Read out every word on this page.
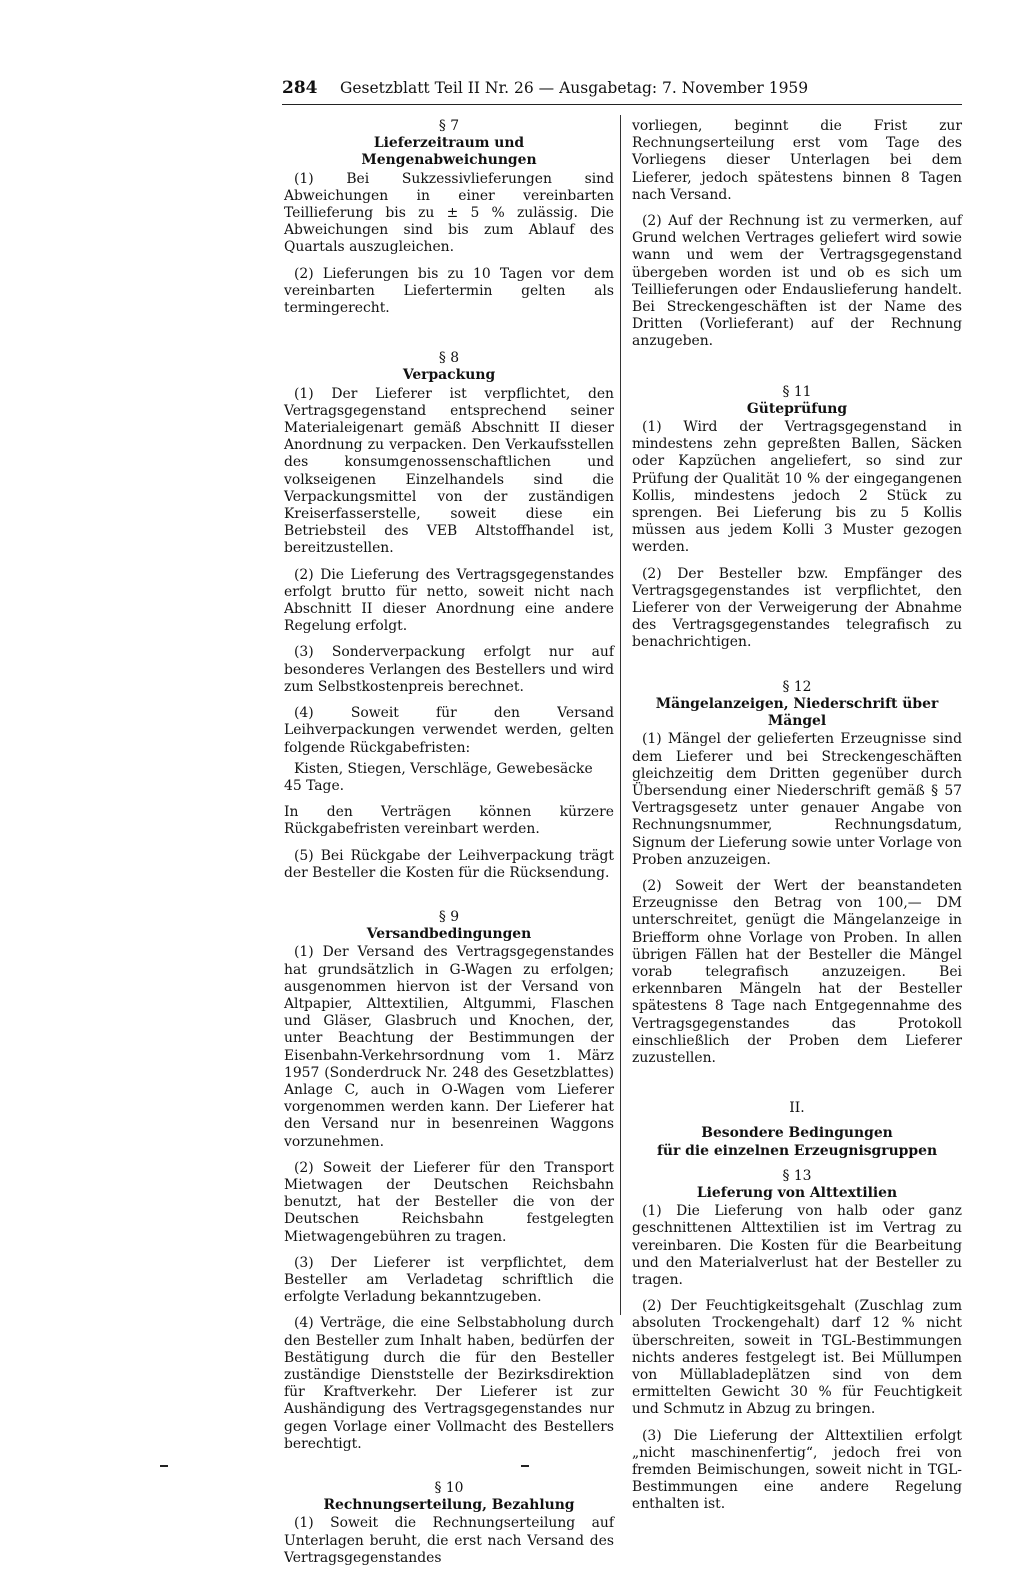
Gesetzblatt Teil II Nr. 26 — Ausgabetag: 7. November 1959
284
§ 7
Lieferzeitraum und Mengenabweichungen

(1) Bei Sukzessivlieferungen sind Abweichungen in einer vereinbarten Teillieferung bis zu ± 5 % zulässig. Die Abweichungen sind bis zum Ablauf des Quartals auszugleichen.

(2) Lieferungen bis zu 10 Tagen vor dem vereinbarten Liefertermin gelten als termingerecht.

§ 8
Verpackung

(1) Der Lieferer ist verpflichtet, den Vertragsgegenstand entsprechend seiner Materialeigenart gemäß Abschnitt II dieser Anordnung zu verpacken. Den Verkaufsstellen des konsumgenossenschaftlichen und volkseigenen Einzelhandels sind die Verpackungsmittel von der zuständigen Kreiserfasserstelle, soweit diese ein Betriebsteil des VEB Altstoffhandel ist, bereitzustellen.

(2) Die Lieferung des Vertragsgegenstandes erfolgt brutto für netto, soweit nicht nach Abschnitt II dieser Anordnung eine andere Regelung erfolgt.

(3) Sonderverpackung erfolgt nur auf besonderes Verlangen des Bestellers und wird zum Selbstkostenpreis berechnet.

(4) Soweit für den Versand Leihverpackungen verwendet werden, gelten folgende Rückgabefristen:

Kisten, Stiegen, Verschläge, Gewebesäcke 45 Tage.

In den Verträgen können kürzere Rückgabefristen vereinbart werden.

(5) Bei Rückgabe der Leihverpackung trägt der Besteller die Kosten für die Rücksendung.

§ 9
Versandbedingungen

(1) Der Versand des Vertragsgegenstandes hat grundsätzlich in G-Wagen zu erfolgen; ausgenommen hiervon ist der Versand von Altpapier, Alttextilien, Altgummi, Flaschen und Gläser, Glasbruch und Knochen, der, unter Beachtung der Bestimmungen der Eisenbahn-Verkehrsordnung vom 1. März 1957 (Sonderdruck Nr. 248 des Gesetzblattes) Anlage C, auch in O-Wagen vom Lieferer vorgenommen werden kann. Der Lieferer hat den Versand nur in besenreinen Waggons vorzunehmen.

(2) Soweit der Lieferer für den Transport Mietwagen der Deutschen Reichsbahn benutzt, hat der Besteller die von der Deutschen Reichsbahn festgelegten Mietwagengebühren zu tragen.

(3) Der Lieferer ist verpflichtet, dem Besteller am Verladetag schriftlich die erfolgte Verladung bekanntzugeben.

(4) Verträge, die eine Selbstabholung durch den Besteller zum Inhalt haben, bedürfen der Bestätigung durch die für den Besteller zuständige Dienststelle der Bezirksdirektion für Kraftverkehr. Der Lieferer ist zur Aushändigung des Vertragsgegenstandes nur gegen Vorlage einer Vollmacht des Bestellers berechtigt.

§ 10
Rechnungserteilung, Bezahlung

(1) Soweit die Rechnungserteilung auf Unterlagen beruht, die erst nach Versand des Vertragsgegenstandes

vorliegen, beginnt die Frist zur Rechnungserteilung erst vom Tage des Vorliegens dieser Unterlagen bei dem Lieferer, jedoch spätestens binnen 8 Tagen nach Versand.

(2) Auf der Rechnung ist zu vermerken, auf Grund welchen Vertrages geliefert wird sowie wann und wem der Vertragsgegenstand übergeben worden ist und ob es sich um Teillieferungen oder Endauslieferung handelt. Bei Streckengeschäften ist der Name des Dritten (Vorlieferant) auf der Rechnung anzugeben.

§ 11
Güteprüfung

(1) Wird der Vertragsgegenstand in mindestens zehn gepreßten Ballen, Säcken oder Kapzüchen angeliefert, so sind zur Prüfung der Qualität 10 % der eingegangenen Kollis, mindestens jedoch 2 Stück zu sprengen. Bei Lieferung bis zu 5 Kollis müssen aus jedem Kolli 3 Muster gezogen werden.

(2) Der Besteller bzw. Empfänger des Vertragsgegenstandes ist verpflichtet, den Lieferer von der Verweigerung der Abnahme des Vertragsgegenstandes telegrafisch zu benachrichtigen.

§ 12
Mängelanzeigen, Niederschrift über Mängel

(1) Mängel der gelieferten Erzeugnisse sind dem Lieferer und bei Streckengeschäften gleichzeitig dem Dritten gegenüber durch Übersendung einer Niederschrift gemäß § 57 Vertragsgesetz unter genauer Angabe von Rechnungsnummer, Rechnungsdatum, Signum der Lieferung sowie unter Vorlage von Proben anzuzeigen.

(2) Soweit der Wert der beanstandeten Erzeugnisse den Betrag von 100,— DM unterschreitet, genügt die Mängelanzeige in Briefform ohne Vorlage von Proben. In allen übrigen Fällen hat der Besteller die Mängel vorab telegrafisch anzuzeigen. Bei erkennbaren Mängeln hat der Besteller spätestens 8 Tage nach Entgegennahme des Vertragsgegenstandes das Protokoll einschließlich der Proben dem Lieferer zuzustellen.

II.
Besondere Bedingungen
für die einzelnen Erzeugnisgruppen
§ 13
Lieferung von Alttextilien

(1) Die Lieferung von halb oder ganz geschnittenen Alttextilien ist im Vertrag zu vereinbaren. Die Kosten für die Bearbeitung und den Materialverlust hat der Besteller zu tragen.

(2) Der Feuchtigkeitsgehalt (Zuschlag zum absoluten Trockengehalt) darf 12 % nicht überschreiten, soweit in TGL-Bestimmungen nichts anderes festgelegt ist. Bei Müllumpen von Müllabladeplätzen sind von dem ermittelten Gewicht 30 % für Feuchtigkeit und Schmutz in Abzug zu bringen.

(3) Die Lieferung der Alttextilien erfolgt „nicht maschinenfertig“, jedoch frei von fremden Beimischungen, soweit nicht in TGL-Bestimmungen eine andere Regelung enthalten ist.
